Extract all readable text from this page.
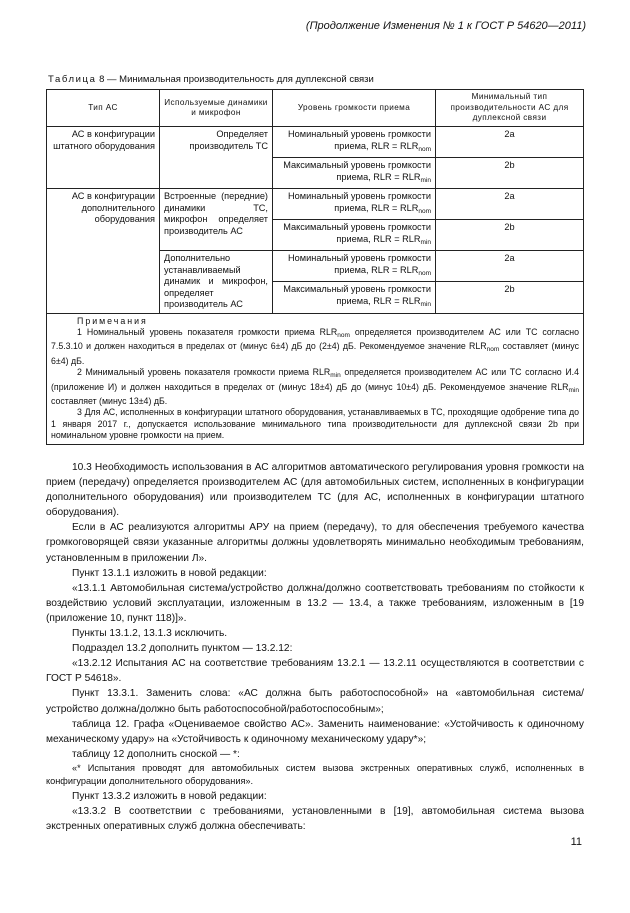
(Продолжение Изменения № 1 к ГОСТ Р 54620—2011)
Таблица 8 — Минимальная производительность для дуплексной связи
Тип АС	Используемые динамики и микрофон	Уровень громкости приема	Минимальный тип производительности АС для дуплексной связи
АС в конфигурации штатного оборудования	Определяет производитель ТС	Номинальный уровень громкости приема, RLR = $RLR_{nom}$	2a
		Максимальный уровень громкости приема, RLR = $RLR_{min}$	2b
АС в конфигурации дополнительного оборудования	Встроенные (передние) динамики ТС, микрофон определяет производитель АС	Номинальный уровень громкости приема, RLR = $RLR_{nom}$	2a
		Максимальный уровень громкости приема, RLR = $RLR_{min}$	2b
	Дополнительно устанавливаемый динамик и микрофон, определяет производитель АС	Номинальный уровень громкости приема, RLR = $RLR_{nom}$	2a
		Максимальный уровень громкости приема, RLR = $RLR_{min}$	2b

Примечания
1 Номинальный уровень показателя громкости приема $RLR_{nom}$ определяется производителем АС или ТС согласно 7.5.3.10 и должен находиться в пределах от (минус 6±4) дБ до (2±4) дБ. Рекомендуемое значение $RLR_{nom}$ составляет (минус 6±4) дБ.
2 Минимальный уровень показателя громкости приема $RLR_{min}$ определяется производителем АС или ТС согласно И.4 (приложение И) и должен находиться в пределах от (минус 18±4) дБ до (минус 10±4) дБ. Рекомендуемое значение $RLR_{min}$ составляет (минус 13±4) дБ.
3 Для АС, исполненных в конфигурации штатного оборудования, устанавливаемых в ТС, проходящие одобрение типа до 1 января 2017 г., допускается использование минимального типа производительности для дуплексной связи 2b при номинальном уровне громкости на прием.			

10.3 Необходимость использования в АС алгоритмов автоматического регулирования уровня громкости на прием (передачу) определяется производителем АС (для автомобильных систем, исполненных в конфигурации дополнительного оборудования) или производителем ТС (для АС, исполненных в конфигурации штатного оборудования).

Если в АС реализуются алгоритмы АРУ на прием (передачу), то для обеспечения требуемого качества громкоговорящей связи указанные алгоритмы должны удовлетворять минимально необходимым требованиям, установленным в приложении Л».

Пункт 13.1.1 изложить в новой редакции:

«13.1.1 Автомобильная система/устройство должна/должно соответствовать требованиям по стойкости к воздействию условий эксплуатации, изложенным в 13.2 — 13.4, а также требованиям, изложенным в [19 (приложение 10, пункт 118)]».

Пункты 13.1.2, 13.1.3 исключить.

Подраздел 13.2 дополнить пунктом — 13.2.12:

«13.2.12 Испытания АС на соответствие требованиям 13.2.1 — 13.2.11 осуществляются в соответствии с ГОСТ Р 54618».

Пункт 13.3.1. Заменить слова: «АС должна быть работоспособной» на «автомобильная система/устройство должна/должно быть работоспособной/работоспособным»;

таблица 12. Графа «Оцениваемое свойство АС». Заменить наименование: «Устойчивость к одиночному механическому удару» на «Устойчивость к одиночному механическому удару*»;

таблицу 12 дополнить сноской — *:

«* Испытания проводят для автомобильных систем вызова экстренных оперативных служб, исполненных в конфигурации дополнительного оборудования».

Пункт 13.3.2 изложить в новой редакции:

«13.3.2 В соответствии с требованиями, установленными в [19], автомобильная система вызова экстренных оперативных служб должна обеспечивать:

11
